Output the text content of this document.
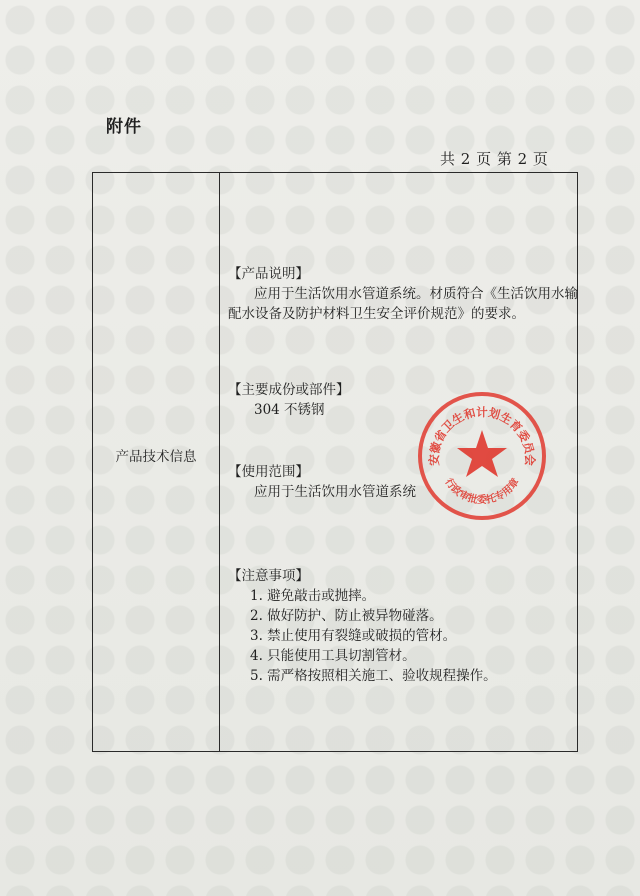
附件
共 2 页 第 2 页
产品技术信息
【产品说明】
应用于生活饮用水管道系统。材质符合《生活饮用水输配水设备及防护材料卫生安全评价规范》的要求。
【主要成份或部件】
304 不锈钢
【使用范围】
应用于生活饮用水管道系统
【注意事项】
1. 避免敲击或抛摔。
2. 做好防护、防止被异物碰落。
3. 禁止使用有裂缝或破损的管材。
4. 只能使用工具切割管材。
5. 需严格按照相关施工、验收规程操作。
安徽省卫生和计划生育委员会
行政审批委托专用章
